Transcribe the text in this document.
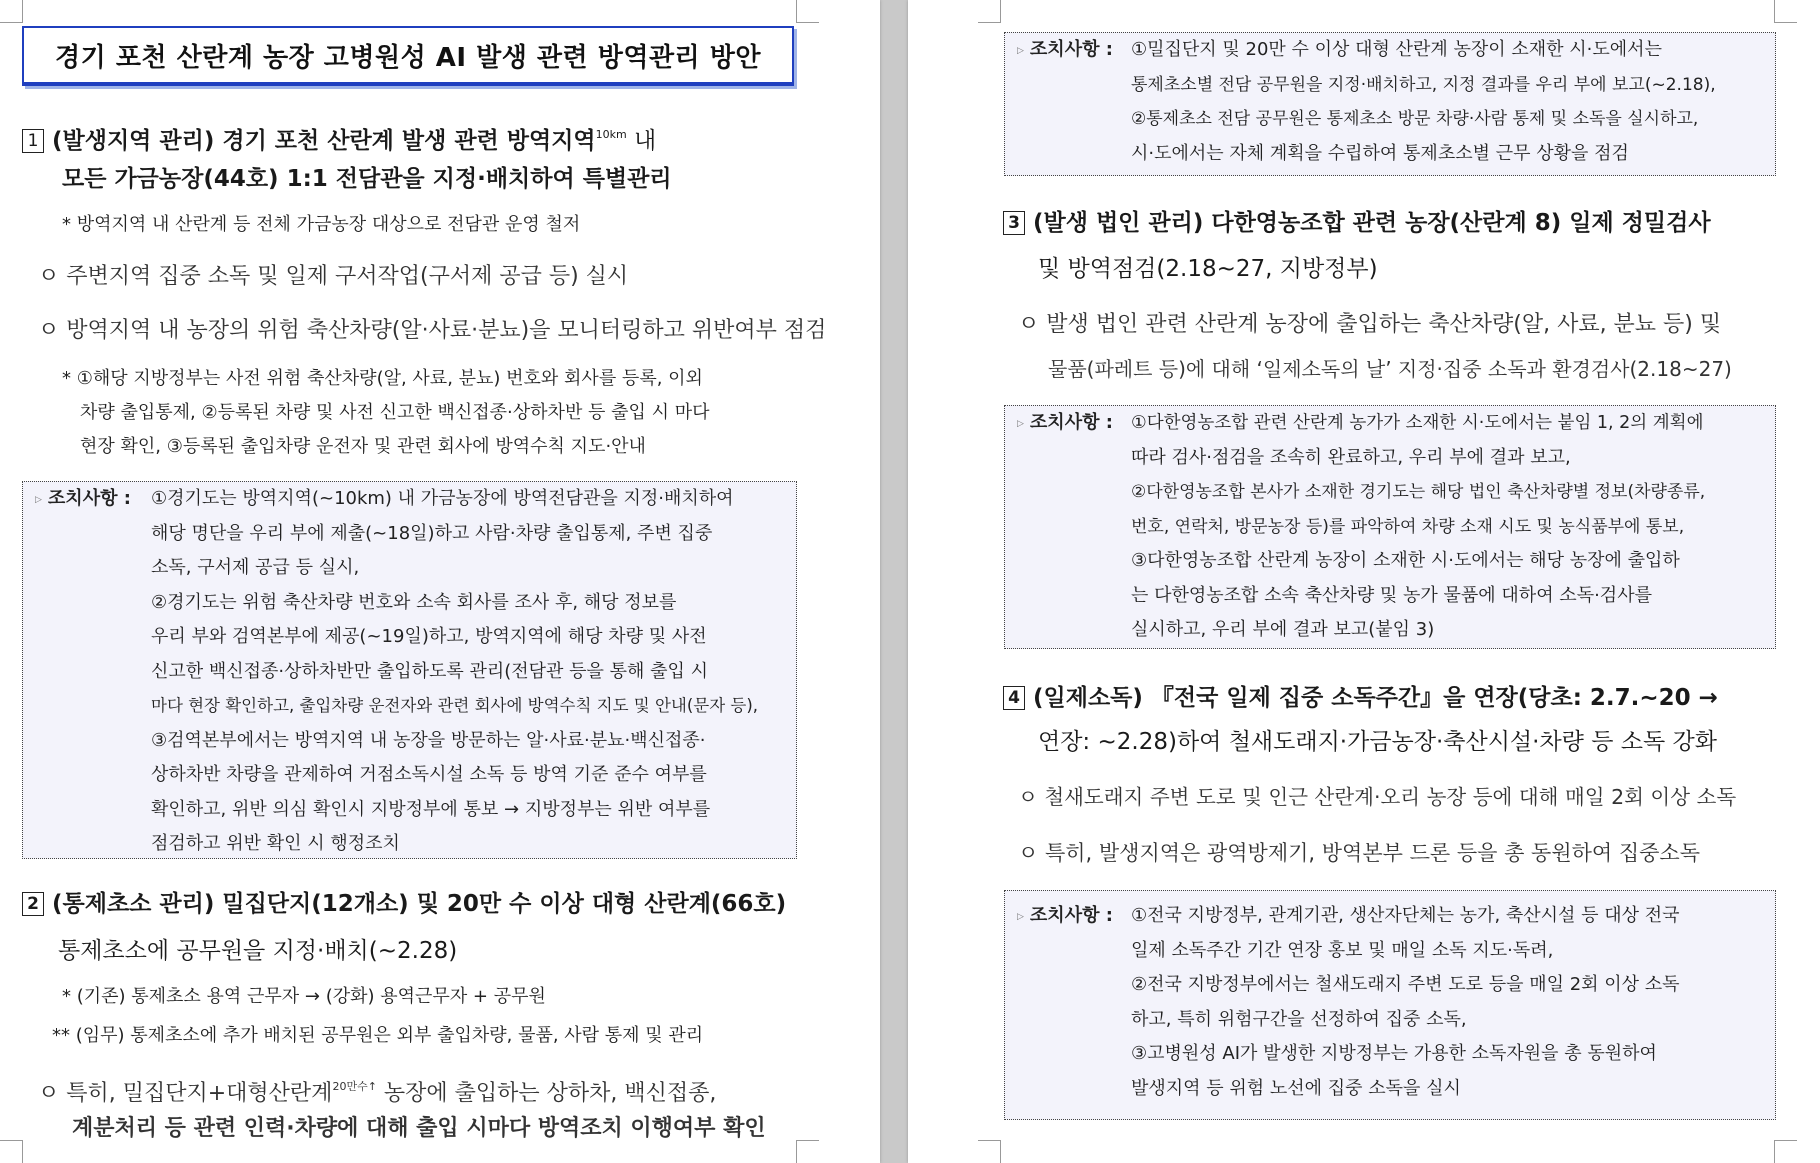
경기 포천 산란계 농장 고병원성 AI 발생 관련 방역관리 방안
1 (발생지역 관리) 경기 포천 산란계 발생 관련 방역지역$^{10km}$ 내
모든 가금농장(44호) 1:1 전담관을 지정·배치하여 특별관리
* 방역지역 내 산란계 등 전체 가금농장 대상으로 전담관 운영 철저
ㅇ 주변지역 집중 소독 및 일제 구서작업(구서제 공급 등) 실시
ㅇ 방역지역 내 농장의 위험 축산차량(알·사료·분뇨)을 모니터링하고 위반여부 점검
* ①해당 지방정부는 사전 위험 축산차량(알, 사료, 분뇨) 번호와 회사를 등록, 이외
차량 출입통제, ②등록된 차량 및 사전 신고한 백신접종·상하차반 등 출입 시 마다
현장 확인, ③등록된 출입차량 운전자 및 관련 회사에 방역수칙 지도·안내
▷ 조치사항 : ①경기도는 방역지역(~10km) 내 가금농장에 방역전담관을 지정·배치하여
해당 명단을 우리 부에 제출(~18일)하고 사람·차량 출입통제, 주변 집중
소독, 구서제 공급 등 실시,
②경기도는 위험 축산차량 번호와 소속 회사를 조사 후, 해당 정보를
우리 부와 검역본부에 제공(~19일)하고, 방역지역에 해당 차량 및 사전
신고한 백신접종·상하차반만 출입하도록 관리(전담관 등을 통해 출입 시
마다 현장 확인하고, 출입차량 운전자와 관련 회사에 방역수칙 지도 및 안내(문자 등),
③검역본부에서는 방역지역 내 농장을 방문하는 알·사료·분뇨·백신접종·
상하차반 차량을 관제하여 거점소독시설 소독 등 방역 기준 준수 여부를
확인하고, 위반 의심 확인시 지방정부에 통보 → 지방정부는 위반 여부를
점검하고 위반 확인 시 행정조치
2 (통제초소 관리) 밀집단지(12개소) 및 20만 수 이상 대형 산란계(66호)
통제초소에 공무원을 지정·배치(~2.28)
* (기존) 통제초소 용역 근무자 → (강화) 용역근무자 + 공무원
** (임무) 통제초소에 추가 배치된 공무원은 외부 출입차량, 물품, 사람 통제 및 관리
ㅇ 특히, 밀집단지+대형산란계$^{20만수↑}$ 농장에 출입하는 상하차, 백신접종,
계분처리 등 관련 인력·차량에 대해 출입 시마다 방역조치 이행여부 확인
▷ 조치사항 : ①밀집단지 및 20만 수 이상 대형 산란계 농장이 소재한 시·도에서는
통제초소별 전담 공무원을 지정·배치하고, 지정 결과를 우리 부에 보고(~2.18),
②통제초소 전담 공무원은 통제초소 방문 차량·사람 통제 및 소독을 실시하고,
시·도에서는 자체 계획을 수립하여 통제초소별 근무 상황을 점검
3 (발생 법인 관리) 다한영농조합 관련 농장(산란계 8) 일제 정밀검사
및 방역점검(2.18~27, 지방정부)
ㅇ 발생 법인 관련 산란계 농장에 출입하는 축산차량(알, 사료, 분뇨 등) 및
물품(파레트 등)에 대해 ‘일제소독의 날’ 지정·집중 소독과 환경검사(2.18~27)
▷ 조치사항 : ①다한영농조합 관련 산란계 농가가 소재한 시·도에서는 붙임 1, 2의 계획에
따라 검사·점검을 조속히 완료하고, 우리 부에 결과 보고,
②다한영농조합 본사가 소재한 경기도는 해당 법인 축산차량별 정보(차량종류,
번호, 연락처, 방문농장 등)를 파악하여 차량 소재 시도 및 농식품부에 통보,
③다한영농조합 산란계 농장이 소재한 시·도에서는 해당 농장에 출입하
는 다한영농조합 소속 축산차량 및 농가 물품에 대하여 소독·검사를
실시하고, 우리 부에 결과 보고(붙임 3)
4 (일제소독) 『전국 일제 집중 소독주간』을 연장(당초: 2.7.~20 →
연장: ~2.28)하여 철새도래지·가금농장·축산시설·차량 등 소독 강화
ㅇ 철새도래지 주변 도로 및 인근 산란계·오리 농장 등에 대해 매일 2회 이상 소독
ㅇ 특히, 발생지역은 광역방제기, 방역본부 드론 등을 총 동원하여 집중소독
▷ 조치사항 : ①전국 지방정부, 관계기관, 생산자단체는 농가, 축산시설 등 대상 전국
일제 소독주간 기간 연장 홍보 및 매일 소독 지도·독려,
②전국 지방정부에서는 철새도래지 주변 도로 등을 매일 2회 이상 소독
하고, 특히 위험구간을 선정하여 집중 소독,
③고병원성 AI가 발생한 지방정부는 가용한 소독자원을 총 동원하여
발생지역 등 위험 노선에 집중 소독을 실시
